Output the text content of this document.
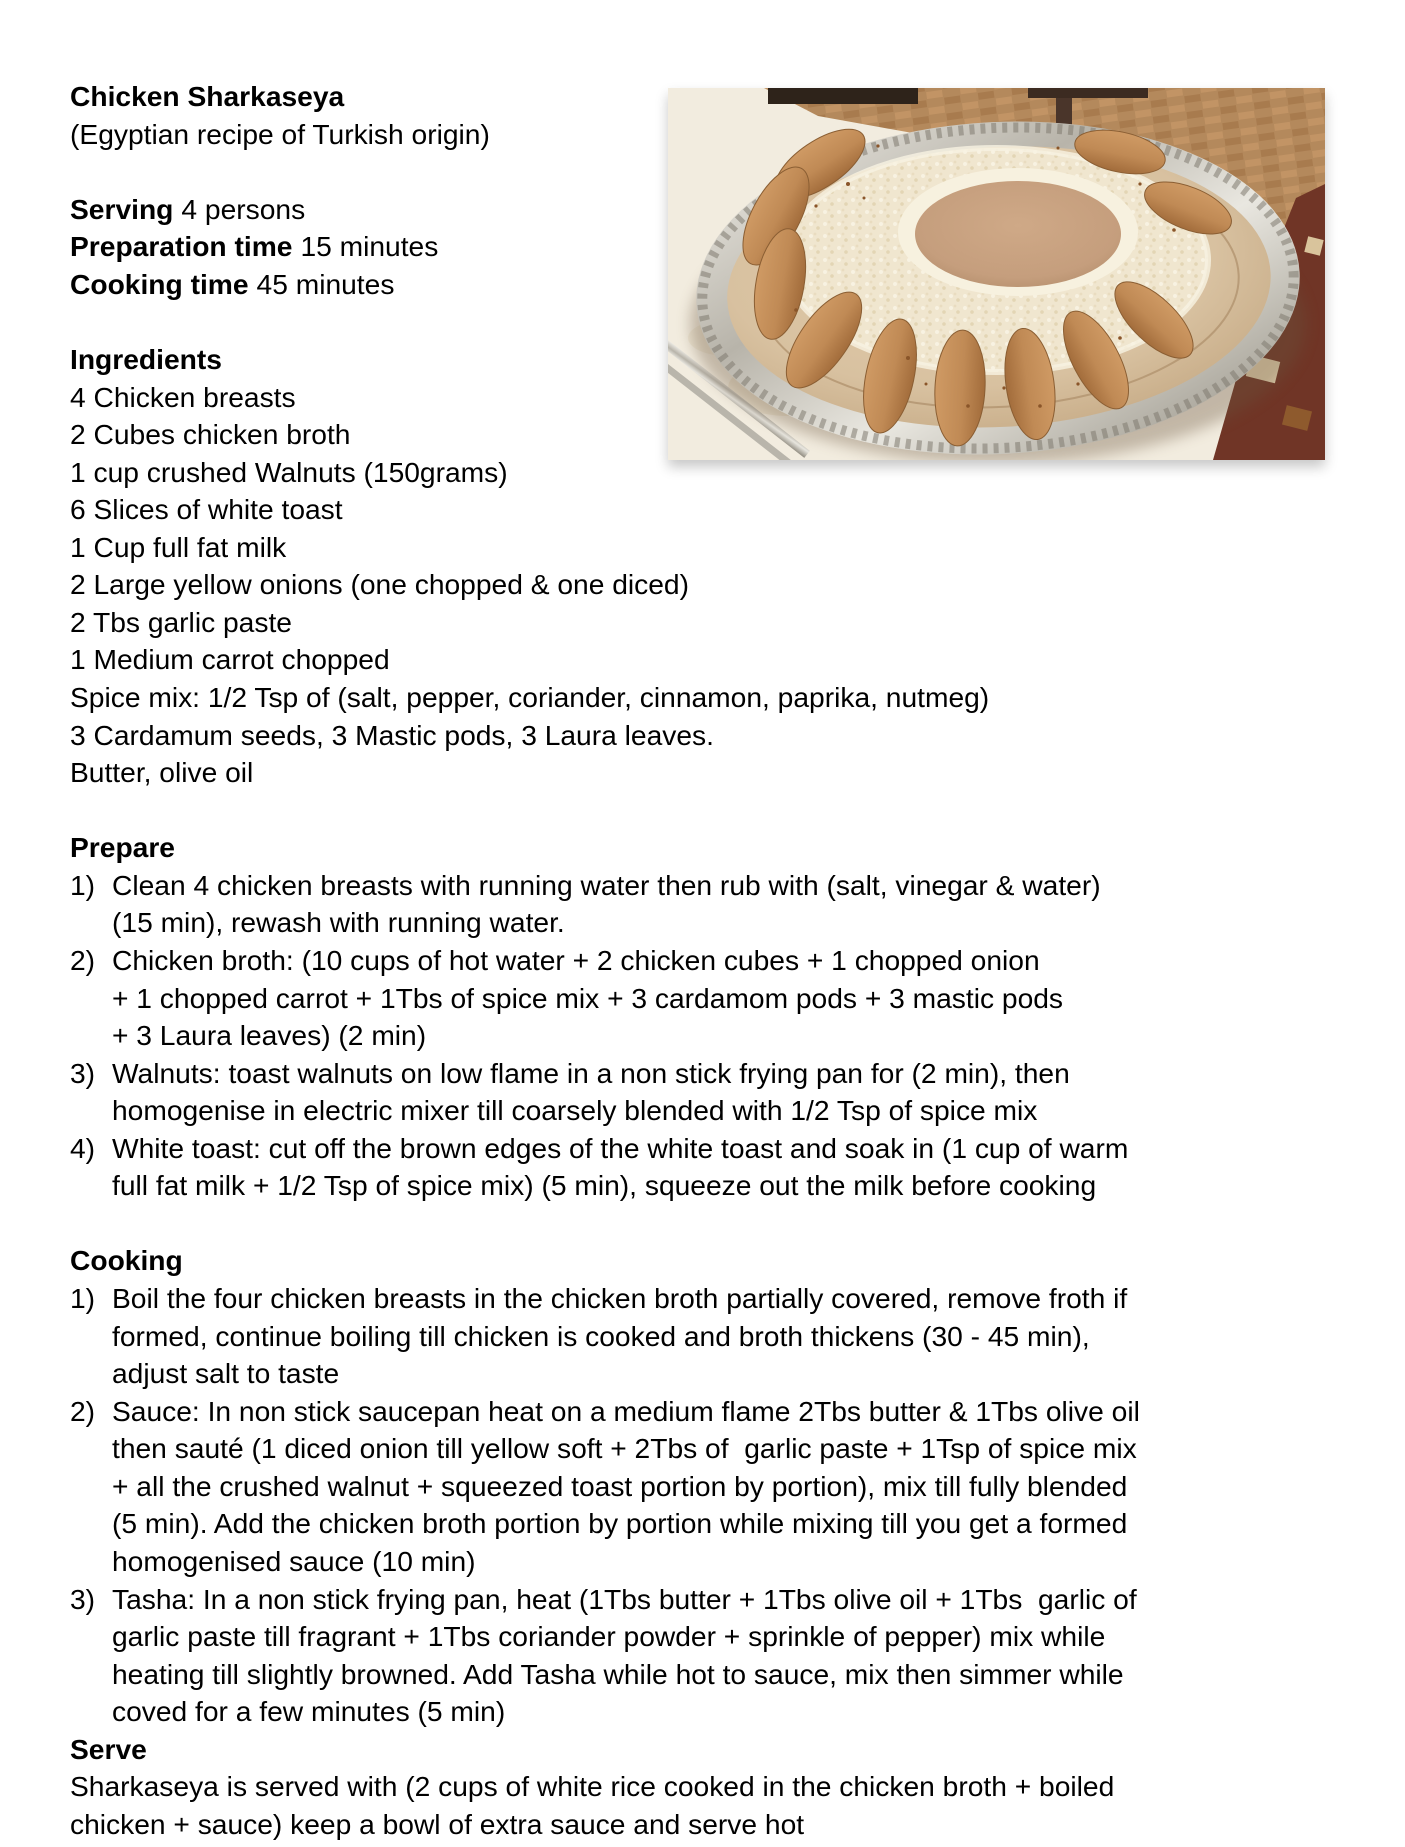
Chicken Sharkaseya
(Egyptian recipe of Turkish origin)
Serving 4 persons
Preparation time 15 minutes
Cooking time 45 minutes
Ingredients
4 Chicken breasts
2 Cubes chicken broth
1 cup crushed Walnuts (150grams)
6 Slices of white toast
1 Cup full fat milk
2 Large yellow onions (one chopped & one diced)
2 Tbs garlic paste
1 Medium carrot chopped
Spice mix: 1/2 Tsp of (salt, pepper, coriander, cinnamon, paprika, nutmeg)
3 Cardamum seeds, 3 Mastic pods, 3 Laura leaves.
Butter, olive oil
Prepare
1) Clean 4 chicken breasts with running water then rub with (salt, vinegar & water)
(15 min), rewash with running water.
2) Chicken broth: (10 cups of hot water + 2 chicken cubes + 1 chopped onion
+ 1 chopped carrot + 1Tbs of spice mix + 3 cardamom pods + 3 mastic pods
+ 3 Laura leaves) (2 min)
3) Walnuts: toast walnuts on low flame in a non stick frying pan for (2 min), then
homogenise in electric mixer till coarsely blended with 1/2 Tsp of spice mix
4) White toast: cut off the brown edges of the white toast and soak in (1 cup of warm
full fat milk + 1/2 Tsp of spice mix) (5 min), squeeze out the milk before cooking
Cooking
1) Boil the four chicken breasts in the chicken broth partially covered, remove froth if
formed, continue boiling till chicken is cooked and broth thickens (30 - 45 min),
adjust salt to taste
2) Sauce: In non stick saucepan heat on a medium flame 2Tbs butter & 1Tbs olive oil
then sauté (1 diced onion till yellow soft + 2Tbs of  garlic paste + 1Tsp of spice mix
+ all the crushed walnut + squeezed toast portion by portion), mix till fully blended
(5 min). Add the chicken broth portion by portion while mixing till you get a formed
homogenised sauce (10 min)
3) Tasha: In a non stick frying pan, heat (1Tbs butter + 1Tbs olive oil + 1Tbs  garlic of
garlic paste till fragrant + 1Tbs coriander powder + sprinkle of pepper) mix while
heating till slightly browned. Add Tasha while hot to sauce, mix then simmer while
coved for a few minutes (5 min)
Serve
Sharkaseya is served with (2 cups of white rice cooked in the chicken broth + boiled
chicken + sauce) keep a bowl of extra sauce and serve hot
